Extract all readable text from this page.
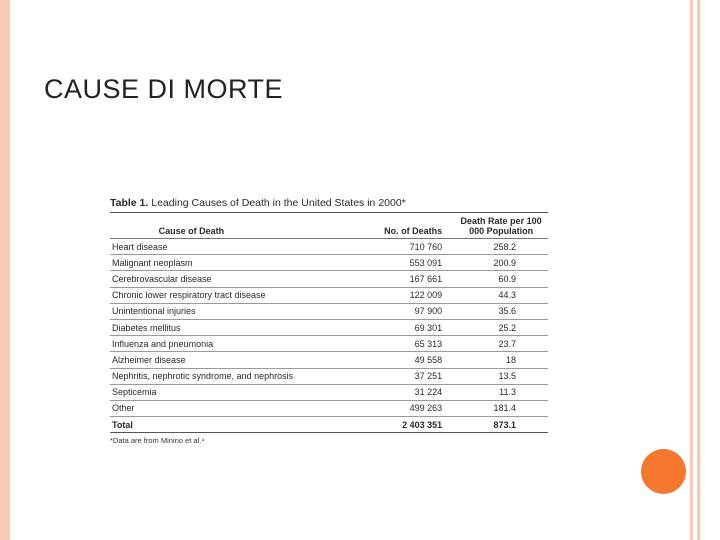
CAUSE DI MORTE
Table 1. Leading Causes of Death in the United States in 2000*
Cause of Death	No. of Deaths	Death Rate per 100 000 Population
Heart disease	710 760	258.2
Malignant neoplasm	553 091	200.9
Cerebrovascular disease	167 661	60.9
Chronic lower respiratory tract disease	122 009	44.3
Unintentional injuries	97 900	35.6
Diabetes mellitus	69 301	25.2
Influenza and pneumonia	65 313	23.7
Alzheimer disease	49 558	18
Nephritis, nephrotic syndrome, and nephrosis	37 251	13.5
Septicemia	31 224	11.3
Other	499 263	181.4
Total	2 403 351	873.1
*Data are from Minino et al.⁴
